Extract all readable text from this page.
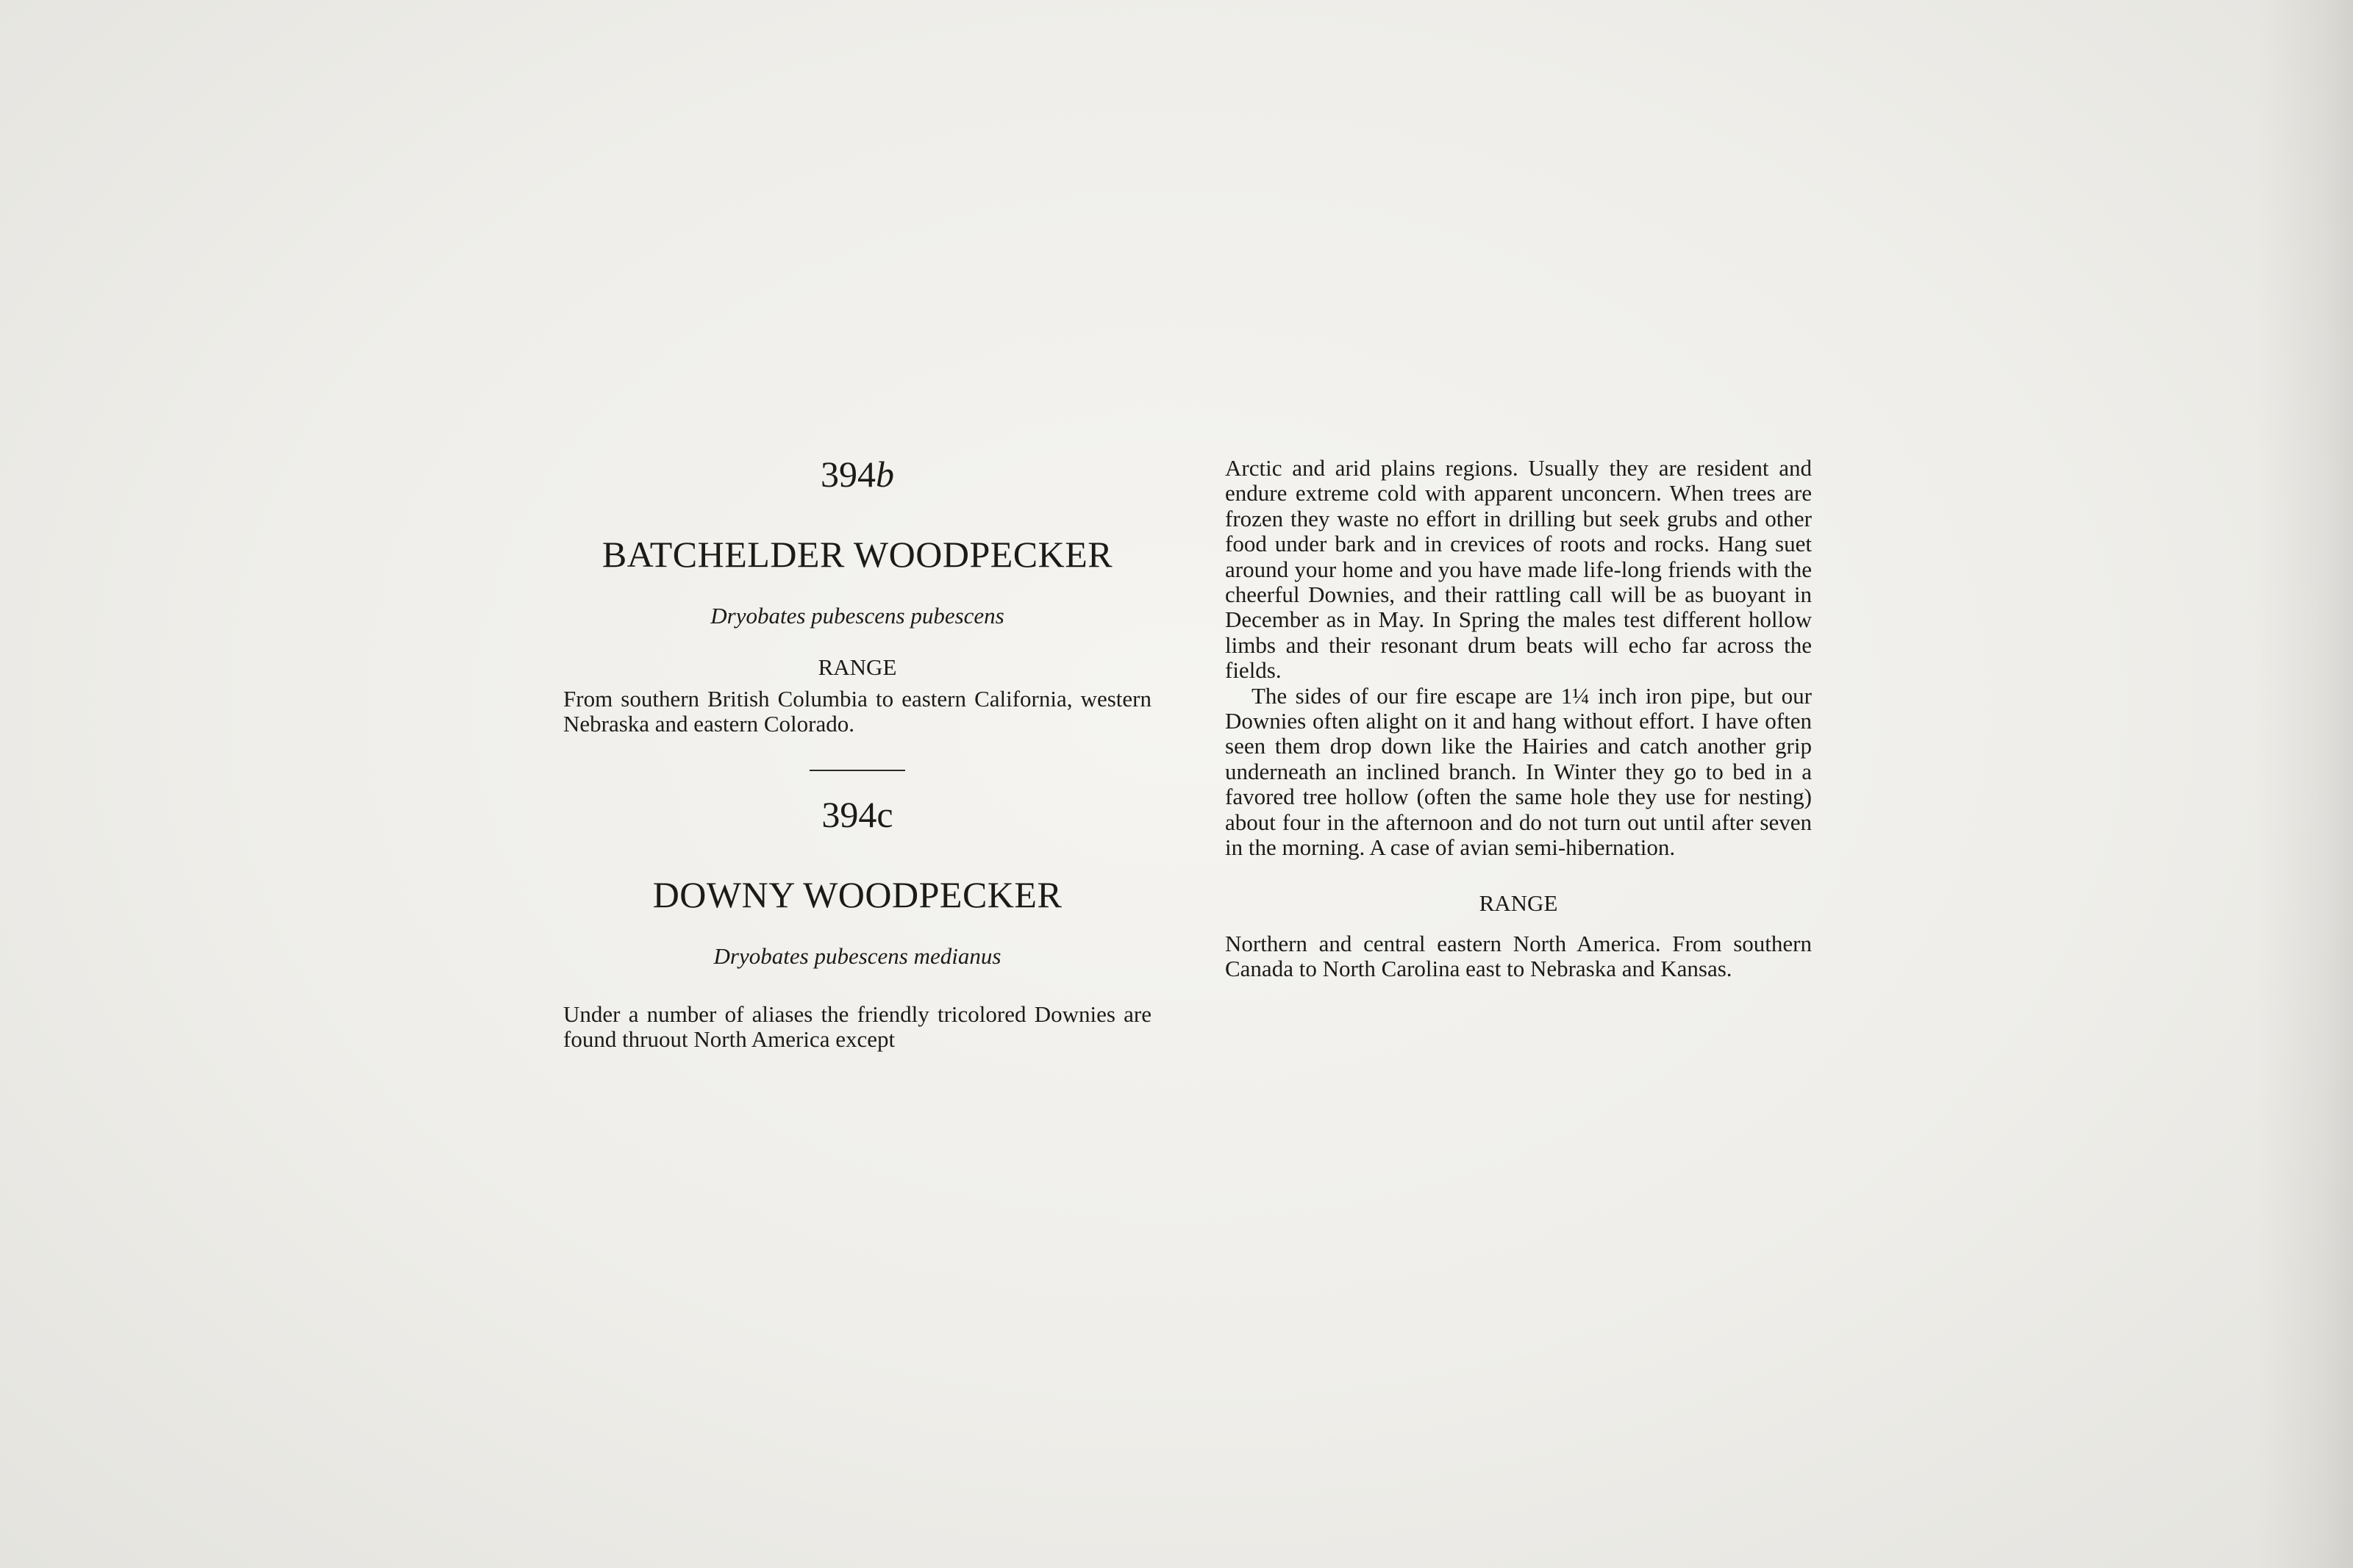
394b
BATCHELDER WOODPECKER
Dryobates pubescens pubescens
RANGE
From southern British Columbia to eastern California, western Nebraska and eastern Colorado.
394c
DOWNY WOODPECKER
Dryobates pubescens medianus
Under a number of aliases the friendly tricolored Downies are found thruout North America except
Arctic and arid plains regions. Usually they are resident and endure extreme cold with apparent unconcern. When trees are frozen they waste no effort in drilling but seek grubs and other food under bark and in crevices of roots and rocks. Hang suet around your home and you have made life-long friends with the cheerful Downies, and their rattling call will be as buoyant in December as in May. In Spring the males test different hollow limbs and their resonant drum beats will echo far across the fields.
The sides of our fire escape are 1¼ inch iron pipe, but our Downies often alight on it and hang without effort. I have often seen them drop down like the Hairies and catch another grip underneath an inclined branch. In Winter they go to bed in a favored tree hollow (often the same hole they use for nesting) about four in the afternoon and do not turn out until after seven in the morning. A case of avian semi-hibernation.
RANGE
Northern and central eastern North America. From southern Canada to North Carolina east to Nebraska and Kansas.
